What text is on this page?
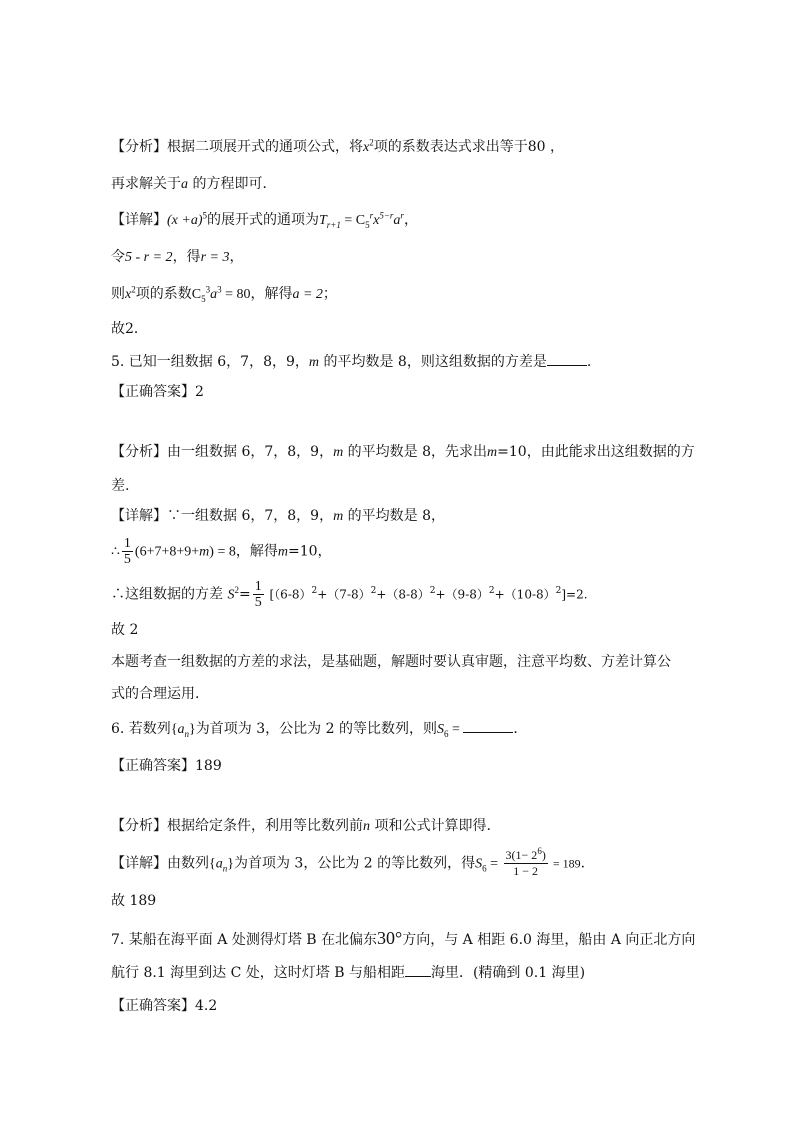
【分析】根据二项展开式的通项公式，将$x^2$项的系数表达式求出等于80 ，
再求解关于a 的方程即可．
【详解】$(x +a)^5$的展开式的通项为$T_{r+1} = C_5^rx^{5-r}a^r$，
令5 - r = 2，得r = 3，
则$x^2$项的系数$C_5^3a^3 = 80$，解得a = 2；
故2．
5. 已知一组数据 6，7，8，9，m 的平均数是 8，则这组数据的方差是	.
【正确答案】2
【分析】由一组数据 6，7，8，9，m 的平均数是 8，先求出m=10，由此能求出这组数据的方
差.
【详解】∵一组数据 6，7，8，9，m 的平均数是 8，
∴ $\frac{1}{5} (6+7+8+9+m) = 8$，解得m=10，
∴这组数据的方差 $S^2= \frac{1}{5} [(6-8)^2+(7-8)^2+(8-8)^2+(9-8)^2+(10-8)^2]=2$.
故 2
本题考查一组数据的方差的求法，是基础题，解题时要认真审题，注意平均数、方差计算公
式的合理运用.
6. 若数列$\{a_n\}$为首项为 3，公比为 2 的等比数列，则$S_6$ =	．
【正确答案】189
【分析】根据给定条件，利用等比数列前n 项和公式计算即得.
【详解】由数列$\{a_n\}$为首项为 3，公比为 2 的等比数列，得$S_6 = \frac{3(1- 2^6)}{1 - 2} = 189$.
故 189
7. 某船在海平面 A 处测得灯塔 B 在北偏东30°方向，与 A 相距 6.0 海里，船由 A 向正北方向
航行 8.1 海里到达 C 处，这时灯塔 B 与船相距 海里．(精确到 0.1 海里)
【正确答案】4.2
